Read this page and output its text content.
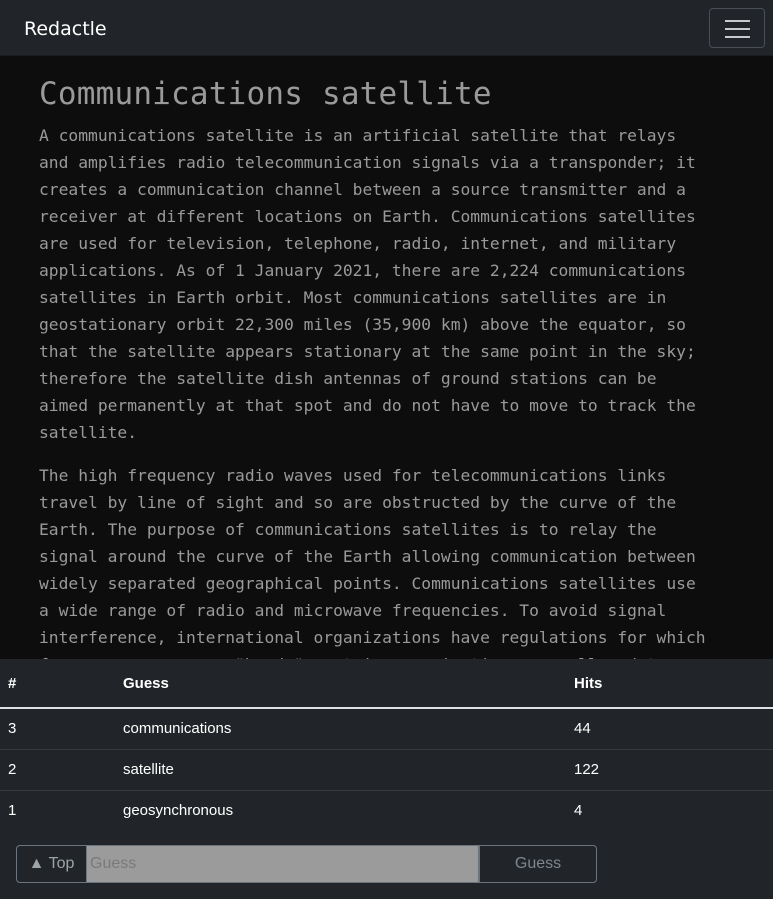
Redactle
Communications satellite

A communications satellite is an artificial satellite that relays
and amplifies radio telecommunication signals via a transponder; it
creates a communication channel between a source transmitter and a
receiver at different locations on Earth. Communications satellites
are used for television, telephone, radio, internet, and military
applications. As of 1 January 2021, there are 2,224 communications
satellites in Earth orbit. Most communications satellites are in
geostationary orbit 22,300 miles (35,900 km) above the equator, so
that the satellite appears stationary at the same point in the sky;
therefore the satellite dish antennas of ground stations can be
aimed permanently at that spot and do not have to move to track the
satellite.

The high frequency radio waves used for telecommunications links
travel by line of sight and so are obstructed by the curve of the
Earth. The purpose of communications satellites is to relay the
signal around the curve of the Earth allowing communication between
widely separated geographical points. Communications satellites use
a wide range of radio and microwave frequencies. To avoid signal
interference, international organizations have regulations for which

#	Guess	Hits
3	communications	44
2	satellite	122
1	geosynchronous	4
▲ Top Guess	Guess
